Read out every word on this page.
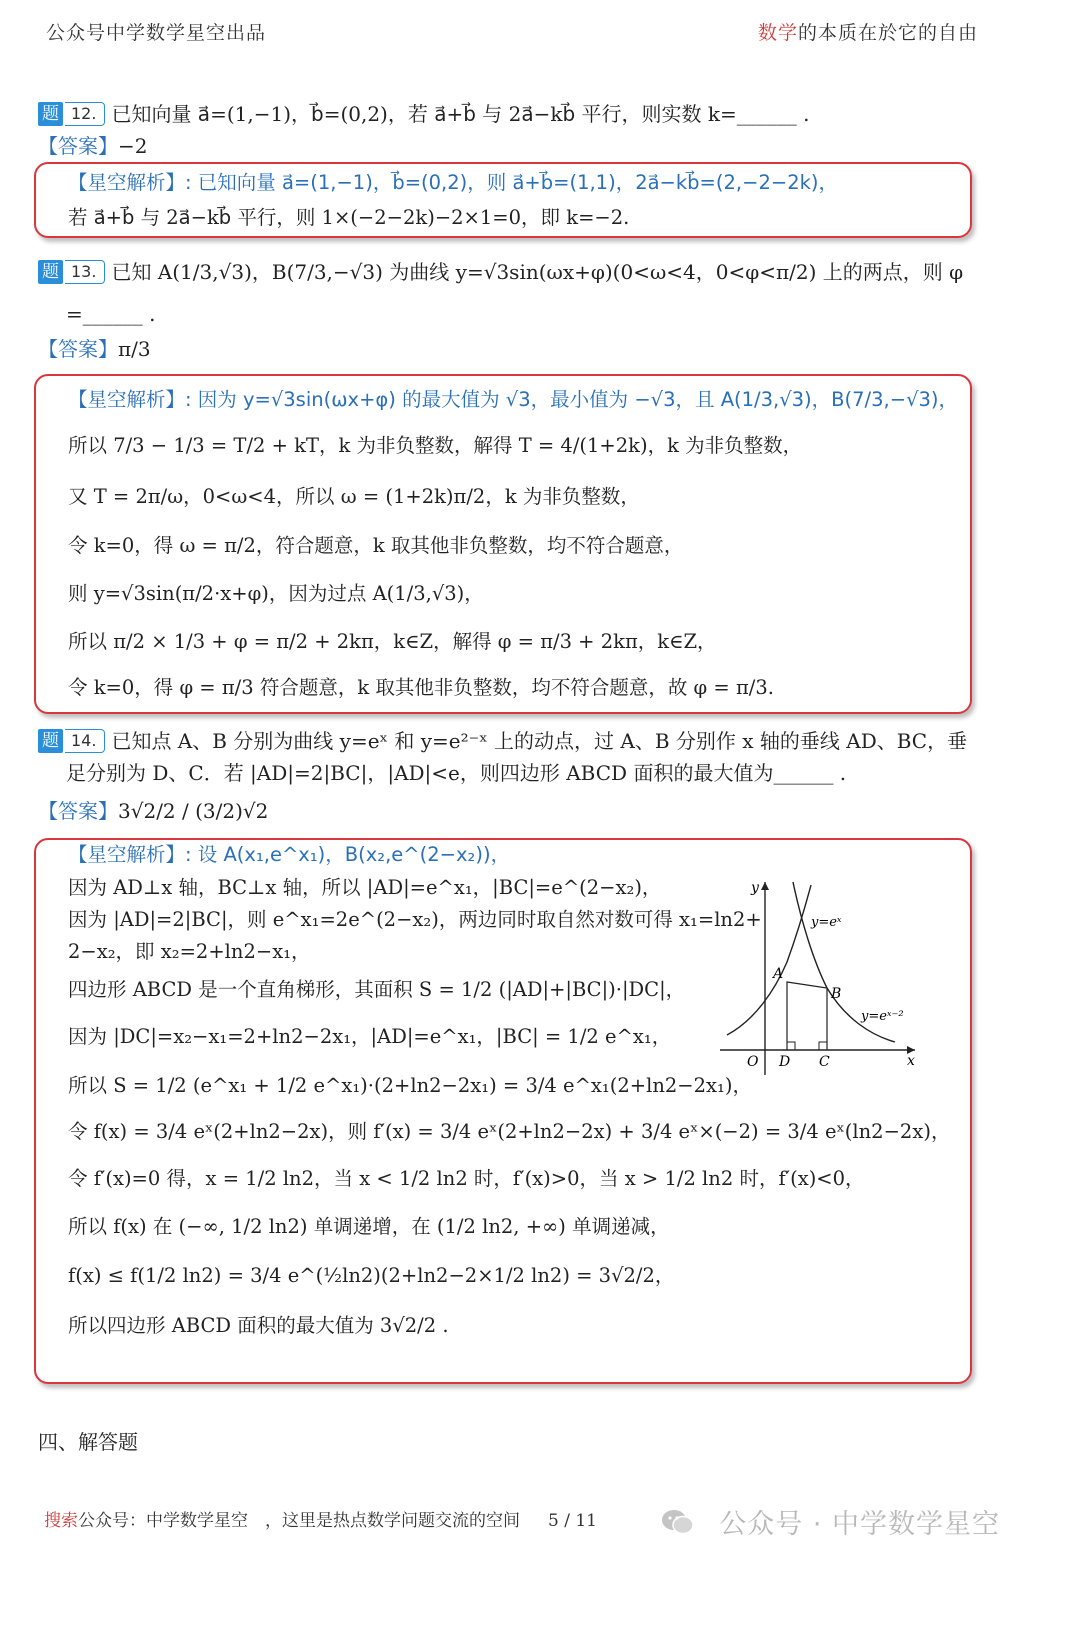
公众号中学数学星空出品	数学的本质在於它的自由
题 12. 已知向量 a⃗=(1,−1)，b⃗=(0,2)，若 a⃗+b⃗ 与 2a⃗−kb⃗ 平行，则实数 k=______ .
【答案】−2
【星空解析】: 已知向量 a⃗=(1,−1)，b⃗=(0,2)，则 a⃗+b⃗=(1,1)，2a⃗−kb⃗=(2,−2−2k)，
若 a⃗+b⃗ 与 2a⃗−kb⃗ 平行，则 1×(−2−2k)−2×1=0，即 k=−2.
题 13. 已知 A(1/3,√3)，B(7/3,−√3) 为曲线 y=√3sin(ωx+φ)(0<ω<4，0<φ<π/2) 上的两点，则 φ
=______ .
【答案】π/3
【星空解析】: 因为 y=√3sin(ωx+φ) 的最大值为 √3，最小值为 −√3，且 A(1/3,√3)，B(7/3,−√3)，
所以 7/3 − 1/3 = T/2 + kT，k 为非负整数，解得 T = 4/(1+2k)，k 为非负整数，
又 T = 2π/ω，0<ω<4，所以 ω = (1+2k)π/2，k 为非负整数，
令 k=0，得 ω = π/2，符合题意，k 取其他非负整数，均不符合题意，
则 y=√3sin(π/2·x+φ)，因为过点 A(1/3,√3)，
所以 π/2 × 1/3 + φ = π/2 + 2kπ，k∈Z，解得 φ = π/3 + 2kπ，k∈Z，
令 k=0，得 φ = π/3 符合题意，k 取其他非负整数，均不符合题意，故 φ = π/3.
题 14. 已知点 A、B 分别为曲线 y=eˣ 和 y=e²⁻ˣ 上的动点，过 A、B 分别作 x 轴的垂线 AD、BC，垂
足分别为 D、C．若 |AD|=2|BC|，|AD|<e，则四边形 ABCD 面积的最大值为______ .
【答案】3√2/2 / (3/2)√2
【星空解析】: 设 A(x₁,e^x₁)，B(x₂,e^(2−x₂))，
因为 AD⊥x 轴，BC⊥x 轴，所以 |AD|=e^x₁，|BC|=e^(2−x₂)，
因为 |AD|=2|BC|，则 e^x₁=2e^(2−x₂)，两边同时取自然对数可得 x₁=ln2+
2−x₂，即 x₂=2+ln2−x₁，
四边形 ABCD 是一个直角梯形，其面积 S = 1/2 (|AD|+|BC|)·|DC|，
因为 |DC|=x₂−x₁=2+ln2−2x₁，|AD|=e^x₁，|BC| = 1/2 e^x₁，
所以 S = 1/2 (e^x₁ + 1/2 e^x₁)·(2+ln2−2x₁) = 3/4 e^x₁(2+ln2−2x₁)，
令 f(x) = 3/4 eˣ(2+ln2−2x)，则 f′(x) = 3/4 eˣ(2+ln2−2x) + 3/4 eˣ×(−2) = 3/4 eˣ(ln2−2x)，
令 f′(x)=0 得，x = 1/2 ln2，当 x < 1/2 ln2 时，f′(x)>0，当 x > 1/2 ln2 时，f′(x)<0，
所以 f(x) 在 (−∞, 1/2 ln2) 单调递增，在 (1/2 ln2, +∞) 单调递减，
f(x) ≤ f(1/2 ln2) = 3/4 e^(½ln2)(2+ln2−2×1/2 ln2) = 3√2/2，
所以四边形 ABCD 面积的最大值为 3√2/2 .
y
x
O D C
A
B
y=eˣ
y=eˣ⁻²
四、解答题
搜索公众号：中学数学星空　，这里是热点数学问题交流的空间 5 / 11	公众号 · 中学数学星空
